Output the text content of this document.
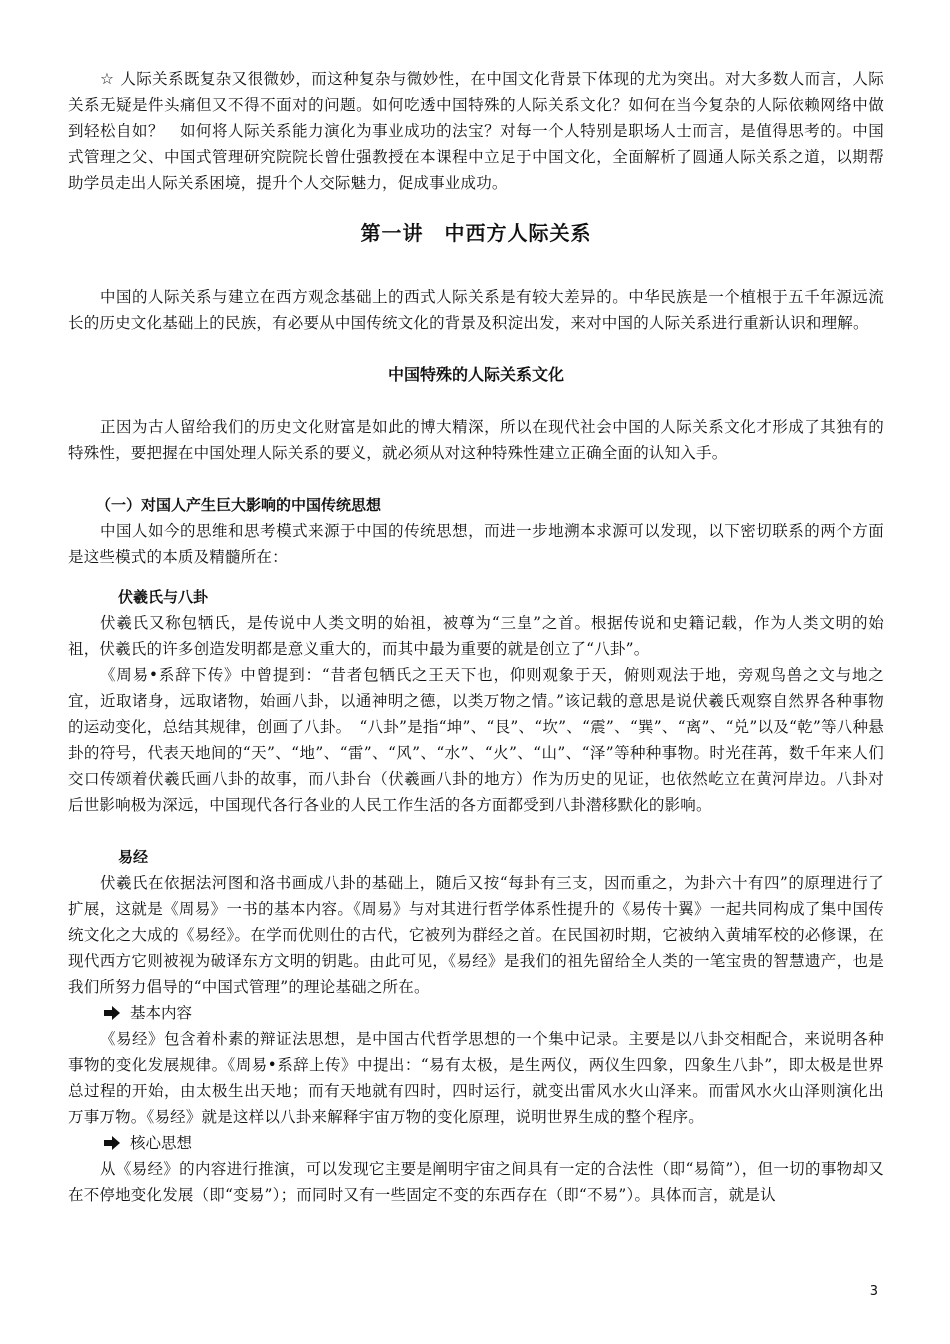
☆ 人际关系既复杂又很微妙，而这种复杂与微妙性，在中国文化背景下体现的尤为突出。对大多数人而言，人际关系无疑是件头痛但又不得不面对的问题。如何吃透中国特殊的人际关系文化？如何在当今复杂的人际依赖网络中做到轻松自如？　如何将人际关系能力演化为事业成功的法宝？对每一个人特别是职场人士而言，是值得思考的。中国式管理之父、中国式管理研究院院长曾仕强教授在本课程中立足于中国文化，全面解析了圆通人际关系之道，以期帮助学员走出人际关系困境，提升个人交际魅力，促成事业成功。

第一讲　中西方人际关系

中国的人际关系与建立在西方观念基础上的西式人际关系是有较大差异的。中华民族是一个植根于五千年源远流长的历史文化基础上的民族，有必要从中国传统文化的背景及积淀出发，来对中国的人际关系进行重新认识和理解。

中国特殊的人际关系文化

正因为古人留给我们的历史文化财富是如此的博大精深，所以在现代社会中国的人际关系文化才形成了其独有的特殊性，要把握在中国处理人际关系的要义，就必须从对这种特殊性建立正确全面的认知入手。

（一）对国人产生巨大影响的中国传统思想

中国人如今的思维和思考模式来源于中国的传统思想，而进一步地溯本求源可以发现，以下密切联系的两个方面是这些模式的本质及精髓所在：

伏羲氏与八卦

伏羲氏又称包牺氏，是传说中人类文明的始祖，被尊为“三皇”之首。根据传说和史籍记载，作为人类文明的始祖，伏羲氏的许多创造发明都是意义重大的，而其中最为重要的就是创立了“八卦”。

《周易•系辞下传》中曾提到：“昔者包牺氏之王天下也，仰则观象于天，俯则观法于地，旁观鸟兽之文与地之宜，近取诸身，远取诸物，始画八卦，以通神明之德，以类万物之情。”该记载的意思是说伏羲氏观察自然界各种事物的运动变化，总结其规律，创画了八卦。　“八卦”是指“坤”、“艮”、“坎”、“震”、“巽”、“离”、“兑”以及“乾”等八种悬卦的符号，代表天地间的“天”、“地”、“雷”、“风”、“水”、“火”、“山”、“泽”等种种事物。时光荏苒，数千年来人们交口传颂着伏羲氏画八卦的故事，而八卦台（伏羲画八卦的地方）作为历史的见证，也依然屹立在黄河岸边。八卦对后世影响极为深远，中国现代各行各业的人民工作生活的各方面都受到八卦潜移默化的影响。

易经

伏羲氏在依据法河图和洛书画成八卦的基础上，随后又按“每卦有三支，因而重之，为卦六十有四”的原理进行了扩展，这就是《周易》一书的基本内容。《周易》与对其进行哲学体系性提升的《易传十翼》一起共同构成了集中国传统文化之大成的《易经》。在学而优则仕的古代，它被列为群经之首。在民国初时期，它被纳入黄埔军校的必修课，在现代西方它则被视为破译东方文明的钥匙。由此可见，《易经》是我们的祖先留给全人类的一笔宝贵的智慧遗产，也是我们所努力倡导的“中国式管理”的理论基础之所在。

基本内容

《易经》包含着朴素的辩证法思想，是中国古代哲学思想的一个集中记录。主要是以八卦交相配合，来说明各种事物的变化发展规律。《周易•系辞上传》中提出：“易有太极，是生两仪，两仪生四象，四象生八卦”，即太极是世界总过程的开始，由太极生出天地；而有天地就有四时，四时运行，就变出雷风水火山泽来。而雷风水火山泽则演化出万事万物。《易经》就是这样以八卦来解释宇宙万物的变化原理，说明世界生成的整个程序。

核心思想

从《易经》的内容进行推演，可以发现它主要是阐明宇宙之间具有一定的合法性（即“易简”），但一切的事物却又在不停地变化发展（即“变易”）；而同时又有一些固定不变的东西存在（即“不易”）。具体而言，就是认

3
